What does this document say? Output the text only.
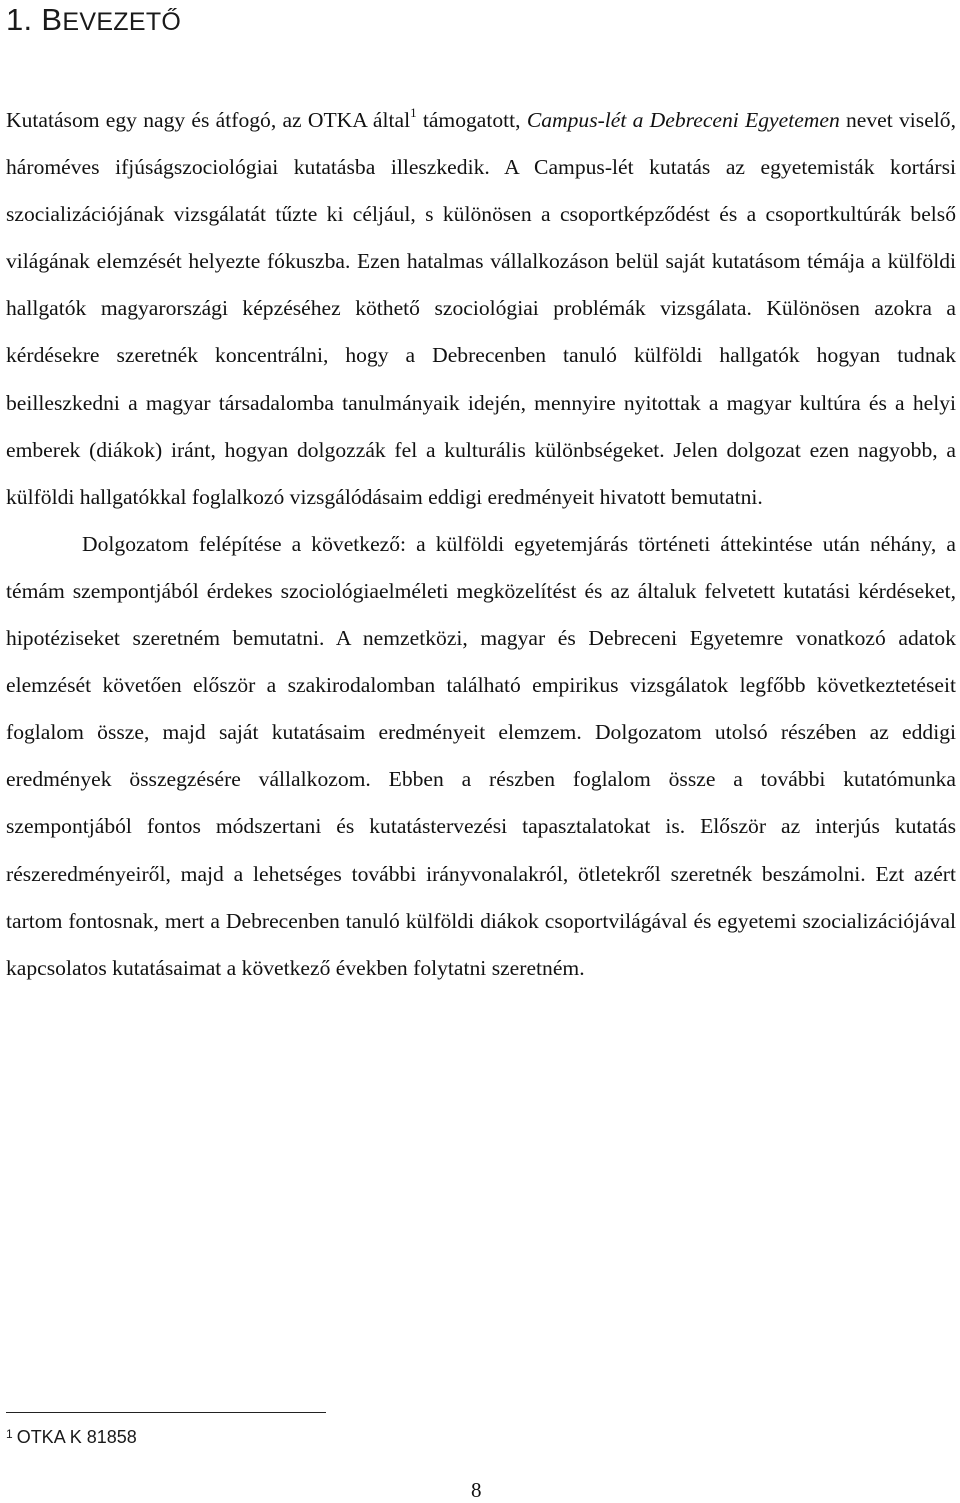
1. BEVEZETŐ

Kutatásom egy nagy és átfogó, az OTKA által$^1$ támogatott, Campus-lét a Debreceni Egyetemen nevet viselő, hároméves ifjúságszociológiai kutatásba illeszkedik. A Campus-lét kutatás az egyetemisták kortársi szocializációjának vizsgálatát tűzte ki céljául, s különösen a csoportképződést és a csoportkultúrák belső világának elemzését helyezte fókuszba. Ezen hatalmas vállalkozáson belül saját kutatásom témája a külföldi hallgatók magyarországi képzéséhez köthető szociológiai problémák vizsgálata. Különösen azokra a kérdésekre szeretnék koncentrálni, hogy a Debrecenben tanuló külföldi hallgatók hogyan tudnak beilleszkedni a magyar társadalomba tanulmányaik idején, mennyire nyitottak a magyar kultúra és a helyi emberek (diákok) iránt, hogyan dolgozzák fel a kulturális különbségeket. Jelen dolgozat ezen nagyobb, a külföldi hallgatókkal foglalkozó vizsgálódásaim eddigi eredményeit hivatott bemutatni.

Dolgozatom felépítése a következő: a külföldi egyetemjárás történeti áttekintése után néhány, a témám szempontjából érdekes szociológiaelméleti megközelítést és az általuk felvetett kutatási kérdéseket, hipotéziseket szeretném bemutatni. A nemzetközi, magyar és Debreceni Egyetemre vonatkozó adatok elemzését követően először a szakirodalomban található empirikus vizsgálatok legfőbb következtetéseit foglalom össze, majd saját kutatásaim eredményeit elemzem. Dolgozatom utolsó részében az eddigi eredmények összegzésére vállalkozom. Ebben a részben foglalom össze a további kutatómunka szempontjából fontos módszertani és kutatástervezési tapasztalatokat is. Először az interjús kutatás részeredményeiről, majd a lehetséges további irányvonalakról, ötletekről szeretnék beszámolni. Ezt azért tartom fontosnak, mert a Debrecenben tanuló külföldi diákok csoportvilágával és egyetemi szocializációjával kapcsolatos kutatásaimat a következő években folytatni szeretném.

$^1$ OTKA K 81858
8
